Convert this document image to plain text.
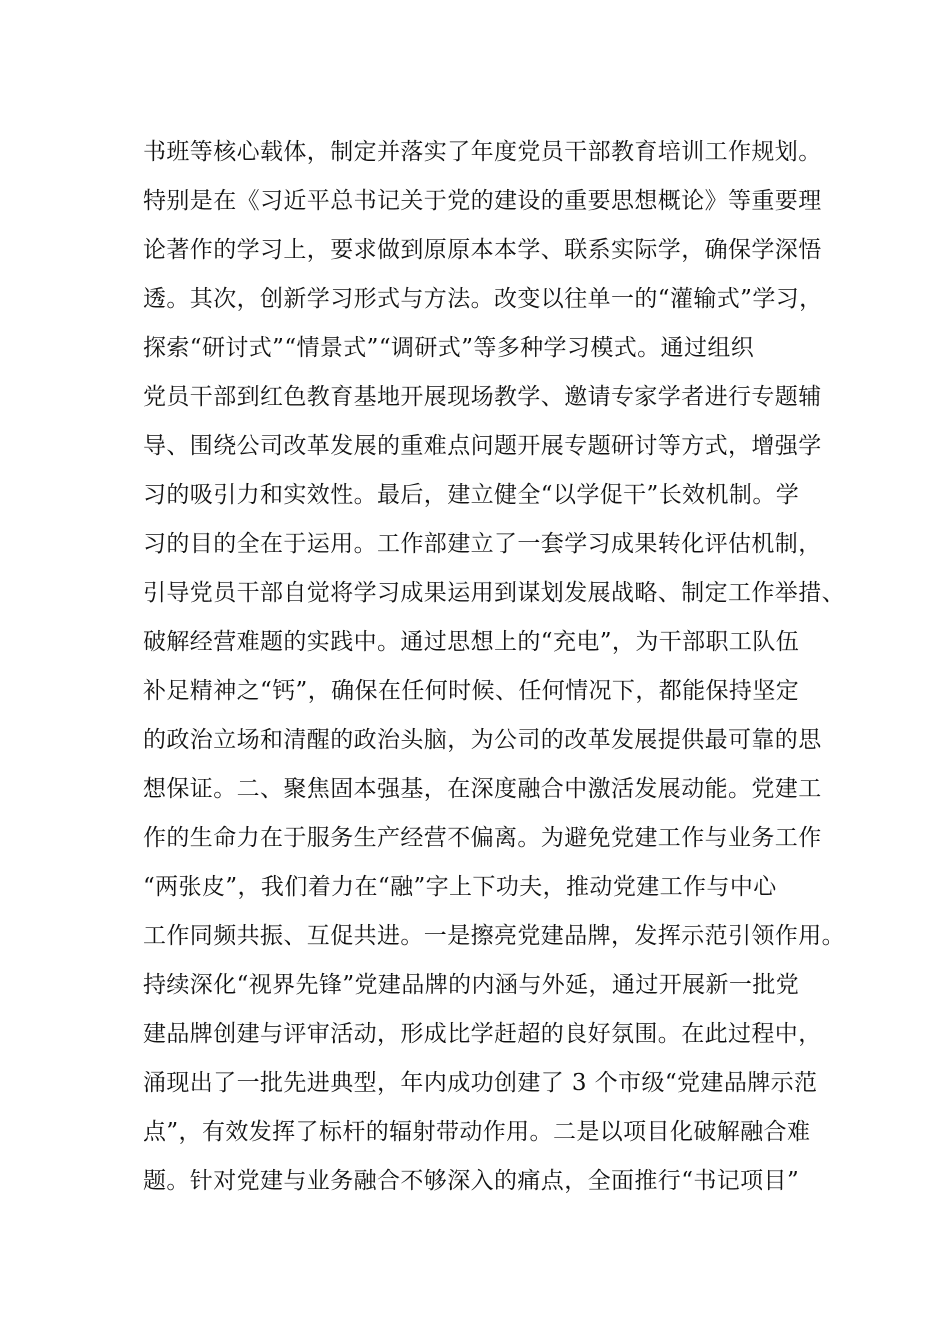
书班等核心载体，制定并落实了年度党员干部教育培训工作规划。
特别是在《习近平总书记关于党的建设的重要思想概论》等重要理
论著作的学习上，要求做到原原本本学、联系实际学，确保学深悟
透。其次，创新学习形式与方法。改变以往单一的“灌输式”学习，
探索“研讨式”“情景式”“调研式”等多种学习模式。通过组织
党员干部到红色教育基地开展现场教学、邀请专家学者进行专题辅
导、围绕公司改革发展的重难点问题开展专题研讨等方式，增强学
习的吸引力和实效性。最后，建立健全“以学促干”长效机制。学
习的目的全在于运用。工作部建立了一套学习成果转化评估机制，
引导党员干部自觉将学习成果运用到谋划发展战略、制定工作举措、
破解经营难题的实践中。通过思想上的“充电”，为干部职工队伍
补足精神之“钙”，确保在任何时候、任何情况下，都能保持坚定
的政治立场和清醒的政治头脑，为公司的改革发展提供最可靠的思
想保证。二、聚焦固本强基，在深度融合中激活发展动能。党建工
作的生命力在于服务生产经营不偏离。为避免党建工作与业务工作
“两张皮”，我们着力在“融”字上下功夫，推动党建工作与中心
工作同频共振、互促共进。一是擦亮党建品牌，发挥示范引领作用。
持续深化“视界先锋”党建品牌的内涵与外延，通过开展新一批党
建品牌创建与评审活动，形成比学赶超的良好氛围。在此过程中，
涌现出了一批先进典型，年内成功创建了 3 个市级“党建品牌示范
点”，有效发挥了标杆的辐射带动作用。二是以项目化破解融合难
题。针对党建与业务融合不够深入的痛点，全面推行“书记项目”
